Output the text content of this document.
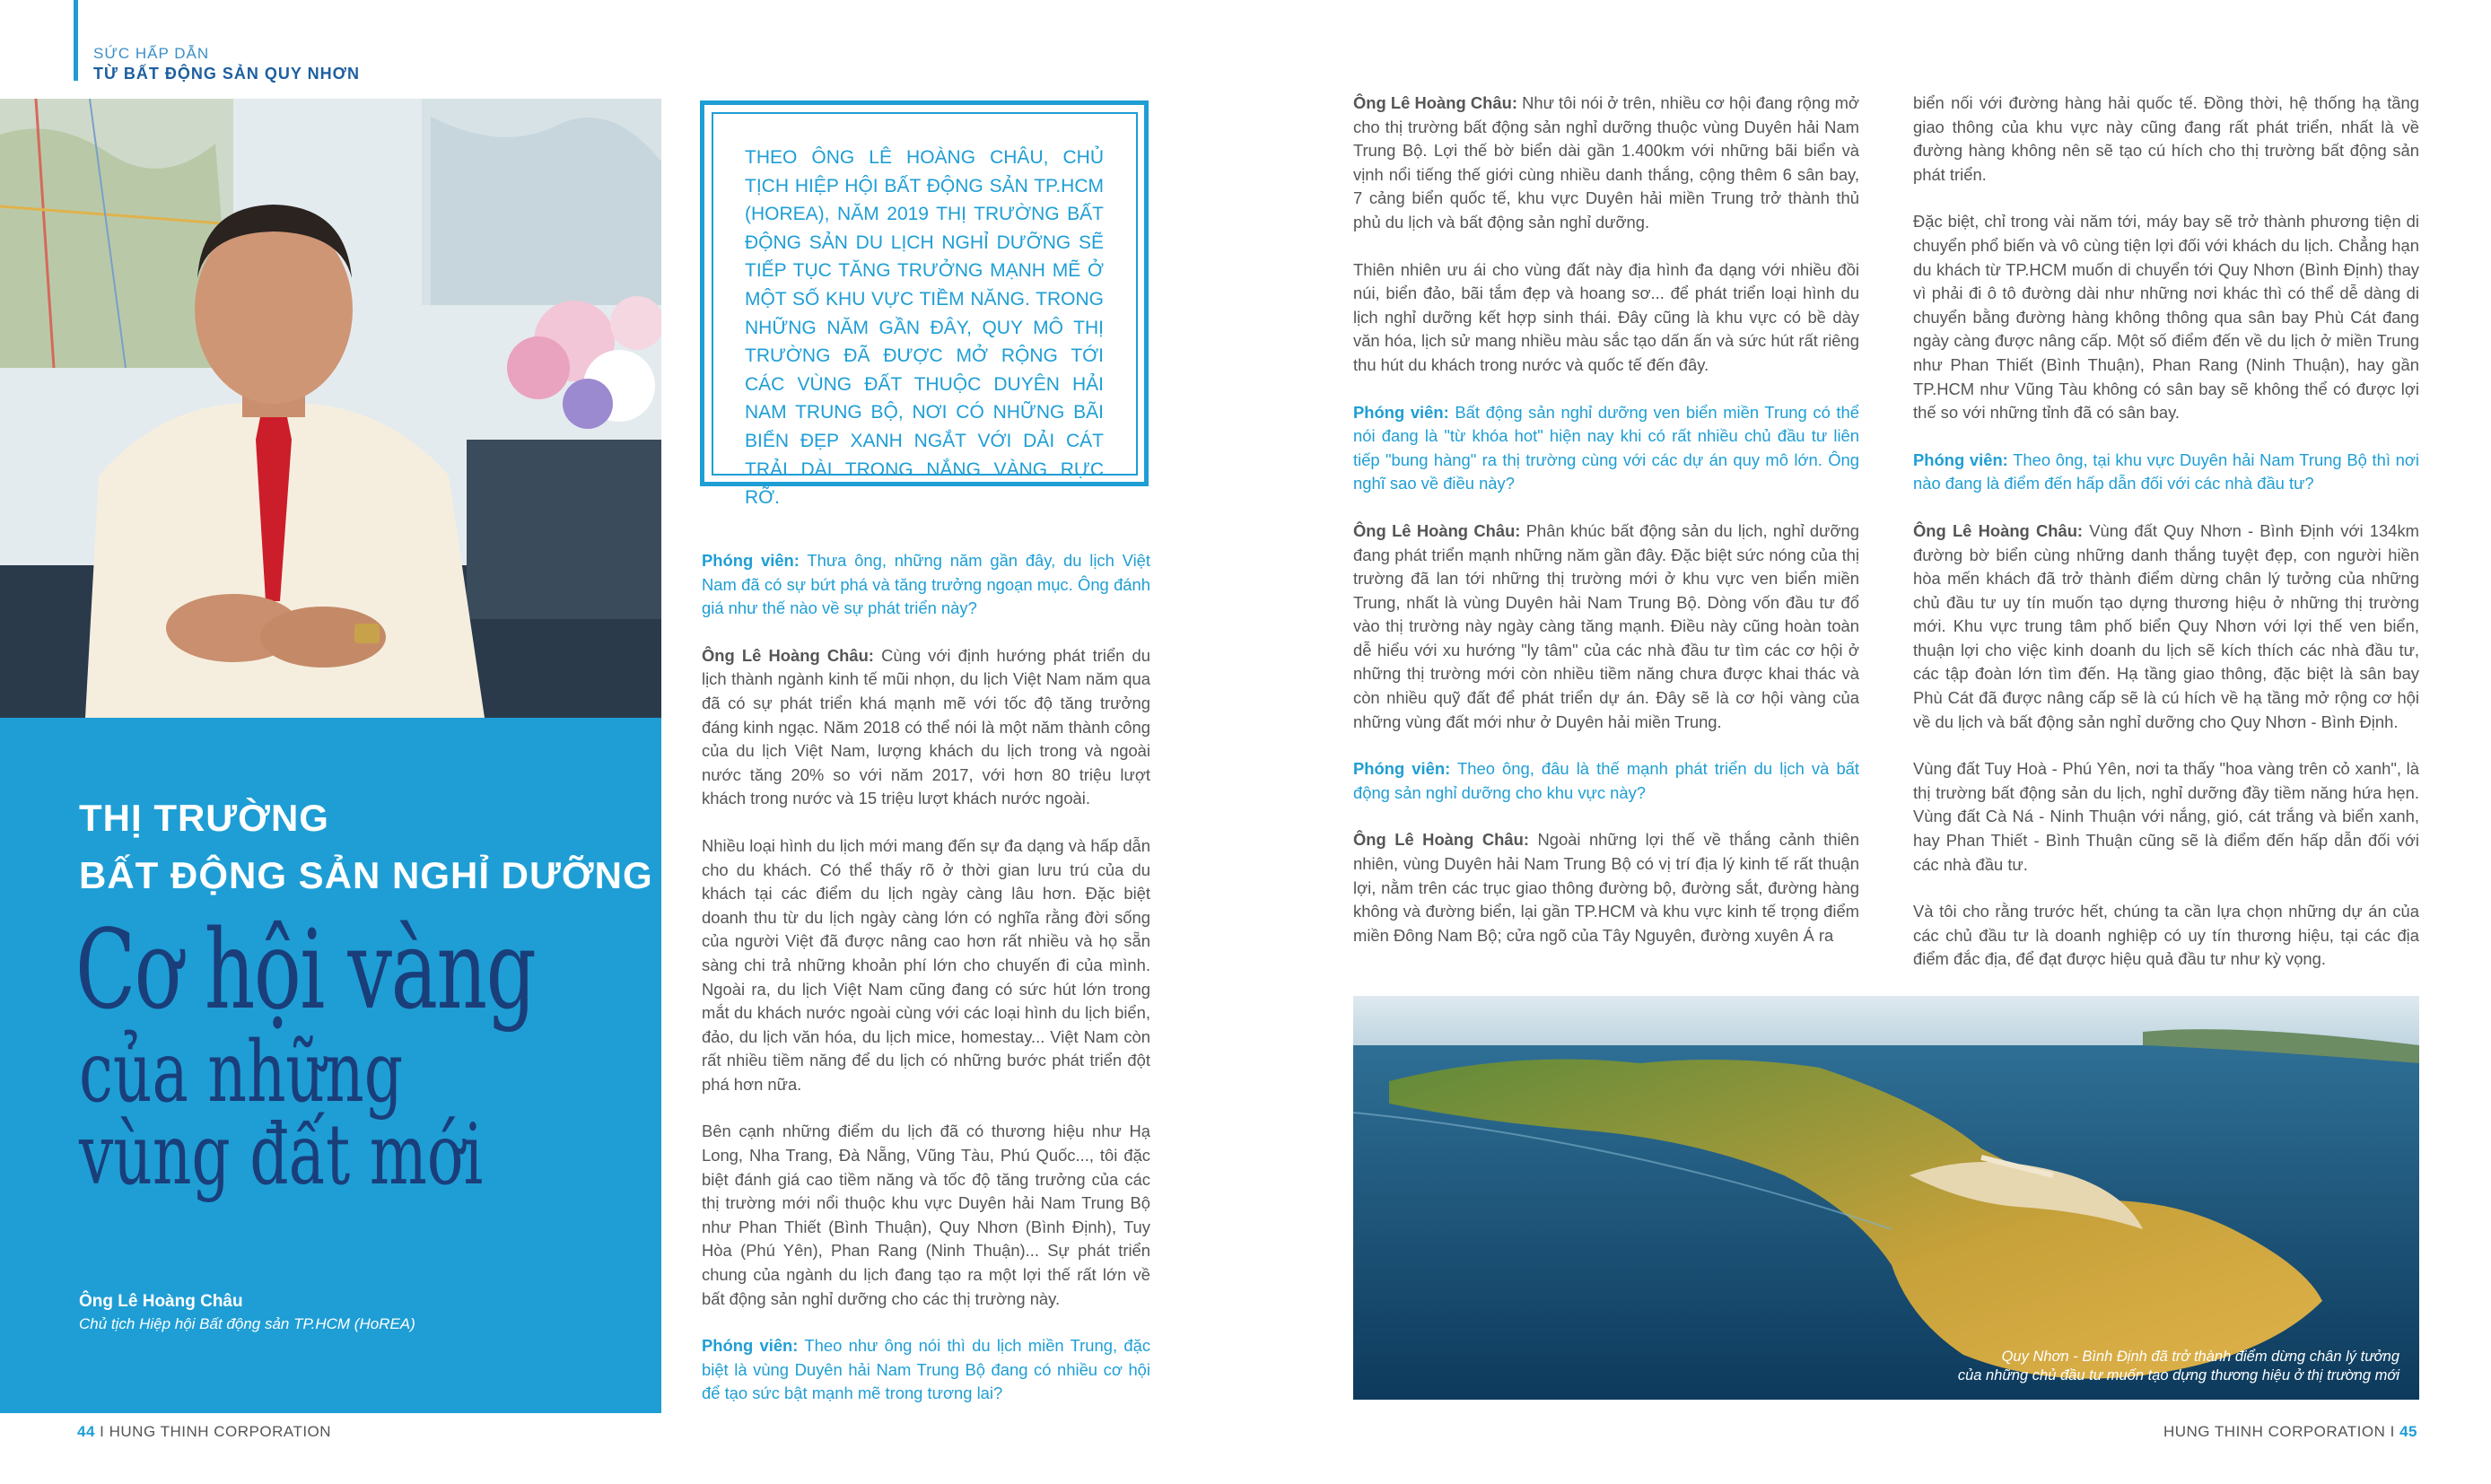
SỨC HẤP DẪN
TỪ BẤT ĐỘNG SẢN QUY NHƠN
THỊ TRƯỜNG
BẤT ĐỘNG SẢN NGHỈ DƯỠNG
Cơ hội vàng
của những
vùng đất mới
Ông Lê Hoàng Châu
Chủ tịch Hiệp hội Bất động sản TP.HCM (HoREA)
THEO ÔNG LÊ HOÀNG CHÂU, CHỦ TỊCH HIỆP HỘI BẤT ĐỘNG SẢN TP.HCM (HOREA), NĂM 2019 THỊ TRƯỜNG BẤT ĐỘNG SẢN DU LỊCH NGHỈ DƯỠNG SẼ TIẾP TỤC TĂNG TRƯỞNG MẠNH MẼ Ở MỘT SỐ KHU VỰC TIỀM NĂNG. TRONG NHỮNG NĂM GẦN ĐÂY, QUY MÔ THỊ TRƯỜNG ĐÃ ĐƯỢC MỞ RỘNG TỚI CÁC VÙNG ĐẤT THUỘC DUYÊN HẢI NAM TRUNG BỘ, NƠI CÓ NHỮNG BÃI BIỂN ĐẸP XANH NGẮT VỚI DẢI CÁT TRẢI DÀI TRONG NẮNG VÀNG RỰC RỠ.

Phóng viên: Thưa ông, những năm gần đây, du lịch Việt Nam đã có sự bứt phá và tăng trưởng ngoạn mục. Ông đánh giá như thế nào về sự phát triển này?

Ông Lê Hoàng Châu: Cùng với định hướng phát triển du lịch thành ngành kinh tế mũi nhọn, du lịch Việt Nam năm qua đã có sự phát triển khá mạnh mẽ với tốc độ tăng trưởng đáng kinh ngạc. Năm 2018 có thể nói là một năm thành công của du lịch Việt Nam, lượng khách du lịch trong và ngoài nước tăng 20% so với năm 2017, với hơn 80 triệu lượt khách trong nước và 15 triệu lượt khách nước ngoài.

Nhiều loại hình du lịch mới mang đến sự đa dạng và hấp dẫn cho du khách. Có thể thấy rõ ở thời gian lưu trú của du khách tại các điểm du lịch ngày càng lâu hơn. Đặc biệt doanh thu từ du lịch ngày càng lớn có nghĩa rằng đời sống của người Việt đã được nâng cao hơn rất nhiều và họ sẵn sàng chi trả những khoản phí lớn cho chuyến đi của mình. Ngoài ra, du lịch Việt Nam cũng đang có sức hút lớn trong mắt du khách nước ngoài cùng với các loại hình du lịch biển, đảo, du lịch văn hóa, du lịch mice, homestay... Việt Nam còn rất nhiều tiềm năng để du lịch có những bước phát triển đột phá hơn nữa.

Bên cạnh những điểm du lịch đã có thương hiệu như Hạ Long, Nha Trang, Đà Nẵng, Vũng Tàu, Phú Quốc..., tôi đặc biệt đánh giá cao tiềm năng và tốc độ tăng trưởng của các thị trường mới nổi thuộc khu vực Duyên hải Nam Trung Bộ như Phan Thiết (Bình Thuận), Quy Nhơn (Bình Định), Tuy Hòa (Phú Yên), Phan Rang (Ninh Thuận)... Sự phát triển chung của ngành du lịch đang tạo ra một lợi thế rất lớn về bất động sản nghỉ dưỡng cho các thị trường này.

Phóng viên: Theo như ông nói thì du lịch miền Trung, đặc biệt là vùng Duyên hải Nam Trung Bộ đang có nhiều cơ hội để tạo sức bật mạnh mẽ trong tương lai?

Ông Lê Hoàng Châu: Như tôi nói ở trên, nhiều cơ hội đang rộng mở cho thị trường bất động sản nghỉ dưỡng thuộc vùng Duyên hải Nam Trung Bộ. Lợi thế bờ biển dài gần 1.400km với những bãi biển và vịnh nổi tiếng thế giới cùng nhiều danh thắng, cộng thêm 6 sân bay, 7 cảng biển quốc tế, khu vực Duyên hải miền Trung trở thành thủ phủ du lịch và bất động sản nghỉ dưỡng.

Thiên nhiên ưu ái cho vùng đất này địa hình đa dạng với nhiều đồi núi, biển đảo, bãi tắm đẹp và hoang sơ... để phát triển loại hình du lịch nghỉ dưỡng kết hợp sinh thái. Đây cũng là khu vực có bề dày văn hóa, lịch sử mang nhiều màu sắc tạo dấn ấn và sức hút rất riêng thu hút du khách trong nước và quốc tế đến đây.

Phóng viên: Bất động sản nghỉ dưỡng ven biển miền Trung có thể nói đang là "từ khóa hot" hiện nay khi có rất nhiều chủ đầu tư liên tiếp "bung hàng" ra thị trường cùng với các dự án quy mô lớn. Ông nghĩ sao về điều này?

Ông Lê Hoàng Châu: Phân khúc bất động sản du lịch, nghỉ dưỡng đang phát triển mạnh những năm gần đây. Đặc biệt sức nóng của thị trường đã lan tới những thị trường mới ở khu vực ven biển miền Trung, nhất là vùng Duyên hải Nam Trung Bộ. Dòng vốn đầu tư đổ vào thị trường này ngày càng tăng mạnh. Điều này cũng hoàn toàn dễ hiểu với xu hướng "ly tâm" của các nhà đầu tư tìm các cơ hội ở những thị trường mới còn nhiều tiềm năng chưa được khai thác và còn nhiều quỹ đất để phát triển dự án. Đây sẽ là cơ hội vàng của những vùng đất mới như ở Duyên hải miền Trung.

Phóng viên: Theo ông, đâu là thế mạnh phát triển du lịch và bất động sản nghỉ dưỡng cho khu vực này?

Ông Lê Hoàng Châu: Ngoài những lợi thế về thắng cảnh thiên nhiên, vùng Duyên hải Nam Trung Bộ có vị trí địa lý kinh tế rất thuận lợi, nằm trên các trục giao thông đường bộ, đường sắt, đường hàng không và đường biển, lại gần TP.HCM và khu vực kinh tế trọng điểm miền Đông Nam Bộ; cửa ngõ của Tây Nguyên, đường xuyên Á ra

biển nối với đường hàng hải quốc tế. Đồng thời, hệ thống hạ tầng giao thông của khu vực này cũng đang rất phát triển, nhất là về đường hàng không nên sẽ tạo cú hích cho thị trường bất động sản phát triển.

Đặc biệt, chỉ trong vài năm tới, máy bay sẽ trở thành phương tiện di chuyển phổ biến và vô cùng tiện lợi đối với khách du lịch. Chẳng hạn du khách từ TP.HCM muốn di chuyển tới Quy Nhơn (Bình Định) thay vì phải đi ô tô đường dài như những nơi khác thì có thể dễ dàng di chuyển bằng đường hàng không thông qua sân bay Phù Cát đang ngày càng được nâng cấp. Một số điểm đến về du lịch ở miền Trung như Phan Thiết (Bình Thuận), Phan Rang (Ninh Thuận), hay gần TP.HCM như Vũng Tàu không có sân bay sẽ không thể có được lợi thế so với những tỉnh đã có sân bay.

Phóng viên: Theo ông, tại khu vực Duyên hải Nam Trung Bộ thì nơi nào đang là điểm đến hấp dẫn đối với các nhà đầu tư?

Ông Lê Hoàng Châu: Vùng đất Quy Nhơn - Bình Định với 134km đường bờ biển cùng những danh thắng tuyệt đẹp, con người hiền hòa mến khách đã trở thành điểm dừng chân lý tưởng của những chủ đầu tư uy tín muốn tạo dựng thương hiệu ở những thị trường mới. Khu vực trung tâm phố biển Quy Nhơn với lợi thế ven biển, thuận lợi cho việc kinh doanh du lịch sẽ kích thích các nhà đầu tư, các tập đoàn lớn tìm đến. Hạ tầng giao thông, đặc biệt là sân bay Phù Cát đã được nâng cấp sẽ là cú hích về hạ tầng mở rộng cơ hội về du lịch và bất động sản nghỉ dưỡng cho Quy Nhơn - Bình Định.

Vùng đất Tuy Hoà - Phú Yên, nơi ta thấy "hoa vàng trên cỏ xanh", là thị trường bất động sản du lịch, nghỉ dưỡng đầy tiềm năng hứa hẹn. Vùng đất Cà Ná - Ninh Thuận với nắng, gió, cát trắng và biển xanh, hay Phan Thiết - Bình Thuận cũng sẽ là điểm đến hấp dẫn đối với các nhà đầu tư.

Và tôi cho rằng trước hết, chúng ta cần lựa chọn những dự án của các chủ đầu tư là doanh nghiệp có uy tín thương hiệu, tại các địa điểm đắc địa, để đạt được hiệu quả đầu tư như kỳ vọng.

Quy Nhơn - Bình Định đã trở thành điểm dừng chân lý tưởng
của những chủ đầu tư muốn tạo dựng thương hiệu ở thị trường mới
44 I HUNG THINH CORPORATION	HUNG THINH CORPORATION I 45
